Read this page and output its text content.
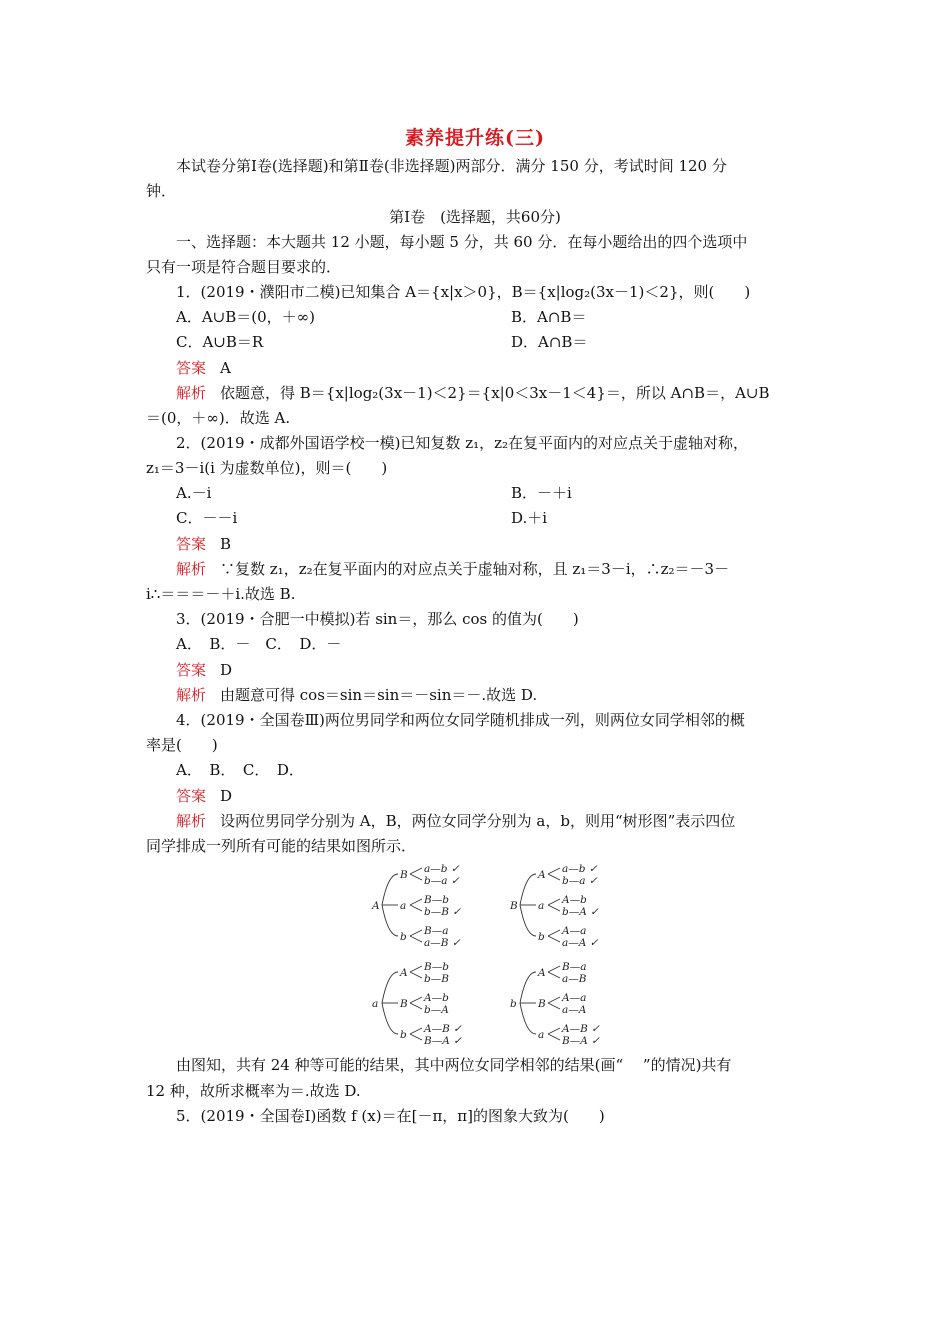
素养提升练(三)
本试卷分第Ⅰ卷(选择题)和第Ⅱ卷(非选择题)两部分．满分 150 分，考试时间 120 分
钟．
第Ⅰ卷　(选择题，共60分)
一、选择题：本大题共 12 小题，每小题 5 分，共 60 分．在每小题给出的四个选项中
只有一项是符合题目要求的．
1．(2019・濮阳市二模)已知集合 A＝{x|x＞0}，B＝{x|log₂(3x－1)＜2}，则(　　)
A．A∪B＝(0，＋∞)	B．A∩B＝
C．A∪B＝R	D．A∩B＝
答案 A
解析 依题意，得 B＝{x|log₂(3x－1)＜2}＝{x|0＜3x－1＜4}＝，所以 A∩B＝，A∪B
＝(0，＋∞)．故选 A.
2．(2019・成都外国语学校一模)已知复数 z₁，z₂在复平面内的对应点关于虚轴对称，
z₁＝3－i(i 为虚数单位)，则＝(　　)
A.－i	B．－＋i
C．－－i	D.＋i
答案 B
解析 ∵复数 z₁，z₂在复平面内的对应点关于虚轴对称，且 z₁＝3－i，∴z₂＝－3－
i∴＝＝＝－＋i.故选 B.
3．(2019・合肥一中模拟)若 sin＝，那么 cos 的值为(　　)
A．　B．－　C．　D．－
答案 D
解析 由题意可得 cos＝sin＝sin＝－sin＝－.故选 D.
4．(2019・全国卷Ⅲ)两位男同学和两位女同学随机排成一列，则两位女同学相邻的概
率是(　　)
A．　B．　C．　D．
答案 D
解析 设两位男同学分别为 A，B，两位女同学分别为 a，b，则用“树形图”表示四位
同学排成一列所有可能的结果如图所示．
A
B a—b ✓
b—a ✓
a B—b
b—B ✓
b B—a
a—B ✓
B
A a—b ✓
b—a ✓
a A—b
b—A ✓
b A—a
a—A ✓
a
A B—b
b—B
B A—b
b—A
b A—B ✓
B—A ✓
b
A B—a
a—B
B A—a
a—A
a A—B ✓
B—A ✓
由图知，共有 24 种等可能的结果，其中两位女同学相邻的结果(画“　 ”的情况)共有
12 种，故所求概率为＝.故选 D.
5．(2019・全国卷Ⅰ)函数 f (x)＝在[－π，π]的图象大致为(　　)
